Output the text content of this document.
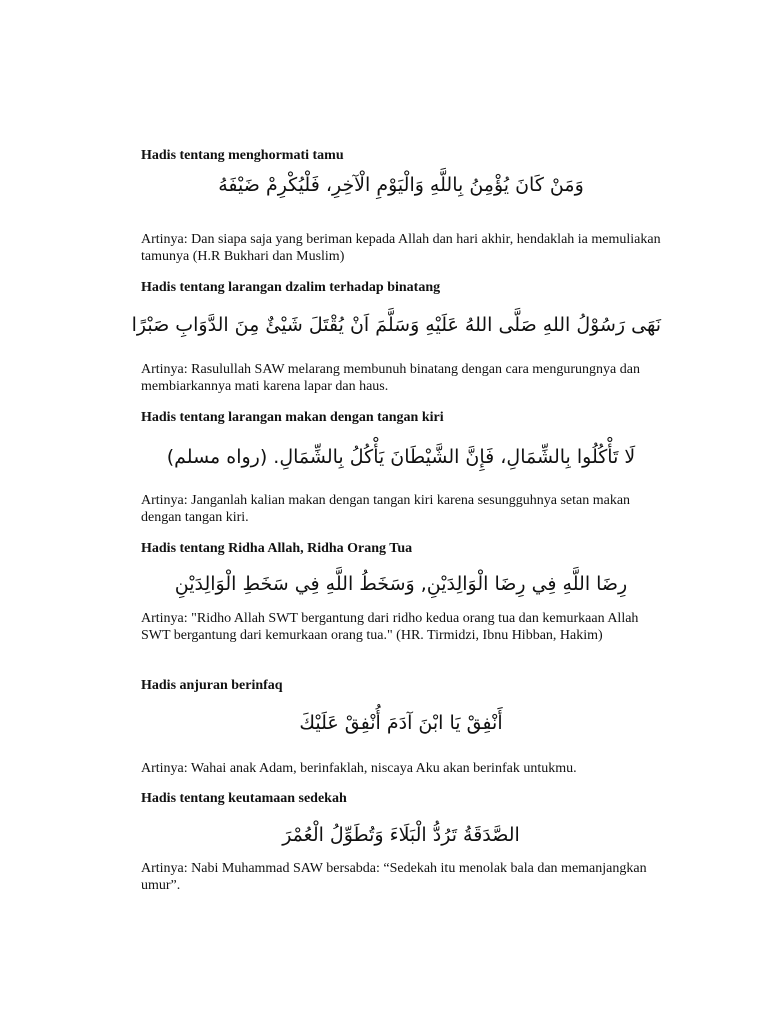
Hadis tentang menghormati tamu
وَمَنْ كَانَ يُؤْمِنُ بِاللَّهِ وَالْيَوْمِ الْآخِرِ، فَلْيُكْرِمْ ضَيْفَهُ
Artinya: Dan siapa saja yang beriman kepada Allah dan hari akhir, hendaklah ia memuliakan tamunya (H.R Bukhari dan Muslim)
Hadis tentang larangan dzalim terhadap binatang
نَهَى رَسُوْلُ اللهِ صَلَّى اللهُ عَلَيْهِ وَسَلَّمَ اَنْ يُقْتَلَ شَيْئٌ مِنَ الدَّوَابِ صَبْرًا
Artinya: Rasulullah SAW melarang membunuh binatang dengan cara mengurungnya dan membiarkannya mati karena lapar dan haus.
Hadis tentang larangan makan dengan tangan kiri
لَا تَأْكُلُوا بِالشِّمَالِ، فَإِنَّ الشَّيْطَانَ يَأْكُلُ بِالشِّمَالِ. (رواه مسلم)
Artinya: Janganlah kalian makan dengan tangan kiri karena sesungguhnya setan makan dengan tangan kiri.
Hadis tentang Ridha Allah, Ridha Orang Tua
رِضَا اللَّهِ فِي رِضَا الْوَالِدَيْنِ, وَسَخَطُ اللَّهِ فِي سَخَطِ الْوَالِدَيْنِ
Artinya: "Ridho Allah SWT bergantung dari ridho kedua orang tua dan kemurkaan Allah SWT bergantung dari kemurkaan orang tua." (HR. Tirmidzi, Ibnu Hibban, Hakim)
Hadis anjuran berinfaq
أَنْفِقْ يَا ابْنَ آدَمَ أُنْفِقْ عَلَيْكَ
Artinya: Wahai anak Adam, berinfaklah, niscaya Aku akan berinfak untukmu.
Hadis tentang keutamaan sedekah
الصَّدَقَةُ تَرُدُّ الْبَلَاءَ وَتُطَوِّلُ الْعُمْرَ
Artinya: Nabi Muhammad SAW bersabda: “Sedekah itu menolak bala dan memanjangkan umur”.
